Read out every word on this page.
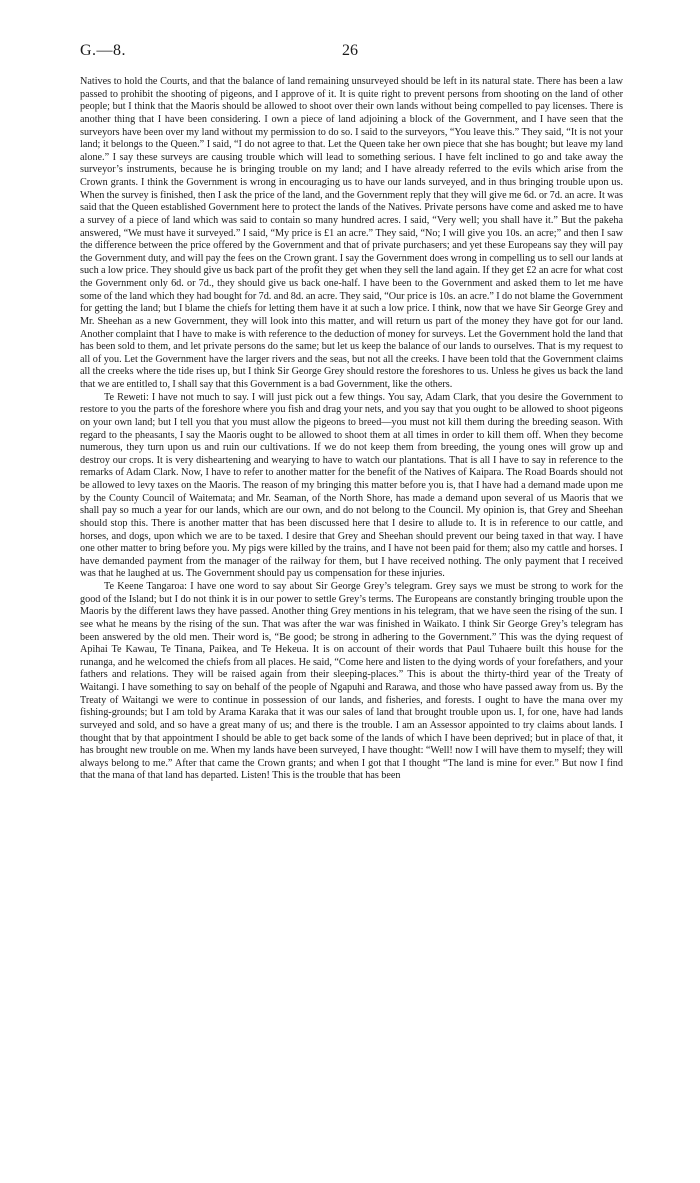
G.—8.	26

Natives to hold the Courts, and that the balance of land remaining unsurveyed should be left in its natural state. There has been a law passed to prohibit the shooting of pigeons, and I approve of it. It is quite right to prevent persons from shooting on the land of other people; but I think that the Maoris should be allowed to shoot over their own lands without being compelled to pay licenses. There is another thing that I have been considering. I own a piece of land adjoining a block of the Government, and I have seen that the surveyors have been over my land without my permission to do so. I said to the surveyors, “You leave this.” They said, “It is not your land; it belongs to the Queen.” I said, “I do not agree to that. Let the Queen take her own piece that she has bought; but leave my land alone.” I say these surveys are causing trouble which will lead to something serious. I have felt inclined to go and take away the surveyor’s instruments, because he is bringing trouble on my land; and I have already referred to the evils which arise from the Crown grants. I think the Government is wrong in encouraging us to have our lands surveyed, and in thus bringing trouble upon us. When the survey is finished, then I ask the price of the land, and the Government reply that they will give me 6d. or 7d. an acre. It was said that the Queen established Government here to protect the lands of the Natives. Private persons have come and asked me to have a survey of a piece of land which was said to contain so many hundred acres. I said, “Very well; you shall have it.” But the pakeha answered, “We must have it surveyed.” I said, “My price is £1 an acre.” They said, “No; I will give you 10s. an acre;” and then I saw the difference between the price offered by the Government and that of private purchasers; and yet these Europeans say they will pay the Government duty, and will pay the fees on the Crown grant. I say the Government does wrong in compelling us to sell our lands at such a low price. They should give us back part of the profit they get when they sell the land again. If they get £2 an acre for what cost the Government only 6d. or 7d., they should give us back one-half. I have been to the Government and asked them to let me have some of the land which they had bought for 7d. and 8d. an acre. They said, “Our price is 10s. an acre.” I do not blame the Government for getting the land; but I blame the chiefs for letting them have it at such a low price. I think, now that we have Sir George Grey and Mr. Sheehan as a new Government, they will look into this matter, and will return us part of the money they have got for our land. Another complaint that I have to make is with reference to the deduction of money for surveys. Let the Government hold the land that has been sold to them, and let private persons do the same; but let us keep the balance of our lands to ourselves. That is my request to all of you. Let the Government have the larger rivers and the seas, but not all the creeks. I have been told that the Government claims all the creeks where the tide rises up, but I think Sir George Grey should restore the foreshores to us. Unless he gives us back the land that we are entitled to, I shall say that this Government is a bad Government, like the others.

Te Reweti: I have not much to say. I will just pick out a few things. You say, Adam Clark, that you desire the Government to restore to you the parts of the foreshore where you fish and drag your nets, and you say that you ought to be allowed to shoot pigeons on your own land; but I tell you that you must allow the pigeons to breed—you must not kill them during the breeding season. With regard to the pheasants, I say the Maoris ought to be allowed to shoot them at all times in order to kill them off. When they become numerous, they turn upon us and ruin our cultivations. If we do not keep them from breeding, the young ones will grow up and destroy our crops. It is very disheartening and wearying to have to watch our plantations. That is all I have to say in reference to the remarks of Adam Clark. Now, I have to refer to another matter for the benefit of the Natives of Kaipara. The Road Boards should not be allowed to levy taxes on the Maoris. The reason of my bringing this matter before you is, that I have had a demand made upon me by the County Council of Waitemata; and Mr. Seaman, of the North Shore, has made a demand upon several of us Maoris that we shall pay so much a year for our lands, which are our own, and do not belong to the Council. My opinion is, that Grey and Sheehan should stop this. There is another matter that has been discussed here that I desire to allude to. It is in reference to our cattle, and horses, and dogs, upon which we are to be taxed. I desire that Grey and Sheehan should prevent our being taxed in that way. I have one other matter to bring before you. My pigs were killed by the trains, and I have not been paid for them; also my cattle and horses. I have demanded payment from the manager of the railway for them, but I have received nothing. The only payment that I received was that he laughed at us. The Government should pay us compensation for these injuries.

Te Keene Tangaroa: I have one word to say about Sir George Grey’s telegram. Grey says we must be strong to work for the good of the Island; but I do not think it is in our power to settle Grey’s terms. The Europeans are constantly bringing trouble upon the Maoris by the different laws they have passed. Another thing Grey mentions in his telegram, that we have seen the rising of the sun. I see what he means by the rising of the sun. That was after the war was finished in Waikato. I think Sir George Grey’s telegram has been answered by the old men. Their word is, “Be good; be strong in adhering to the Government.” This was the dying request of Apihai Te Kawau, Te Tinana, Paikea, and Te Hekeua. It is on account of their words that Paul Tuhaere built this house for the runanga, and he welcomed the chiefs from all places. He said, “Come here and listen to the dying words of your forefathers, and your fathers and relations. They will be raised again from their sleeping-places.” This is about the thirty-third year of the Treaty of Waitangi. I have something to say on behalf of the people of Ngapuhi and Rarawa, and those who have passed away from us. By the Treaty of Waitangi we were to continue in possession of our lands, and fisheries, and forests. I ought to have the mana over my fishing-grounds; but I am told by Arama Karaka that it was our sales of land that brought trouble upon us. I, for one, have had lands surveyed and sold, and so have a great many of us; and there is the trouble. I am an Assessor appointed to try claims about lands. I thought that by that appointment I should be able to get back some of the lands of which I have been deprived; but in place of that, it has brought new trouble on me. When my lands have been surveyed, I have thought: “Well! now I will have them to myself; they will always belong to me.” After that came the Crown grants; and when I got that I thought “The land is mine for ever.” But now I find that the mana of that land has departed. Listen! This is the trouble that has been
